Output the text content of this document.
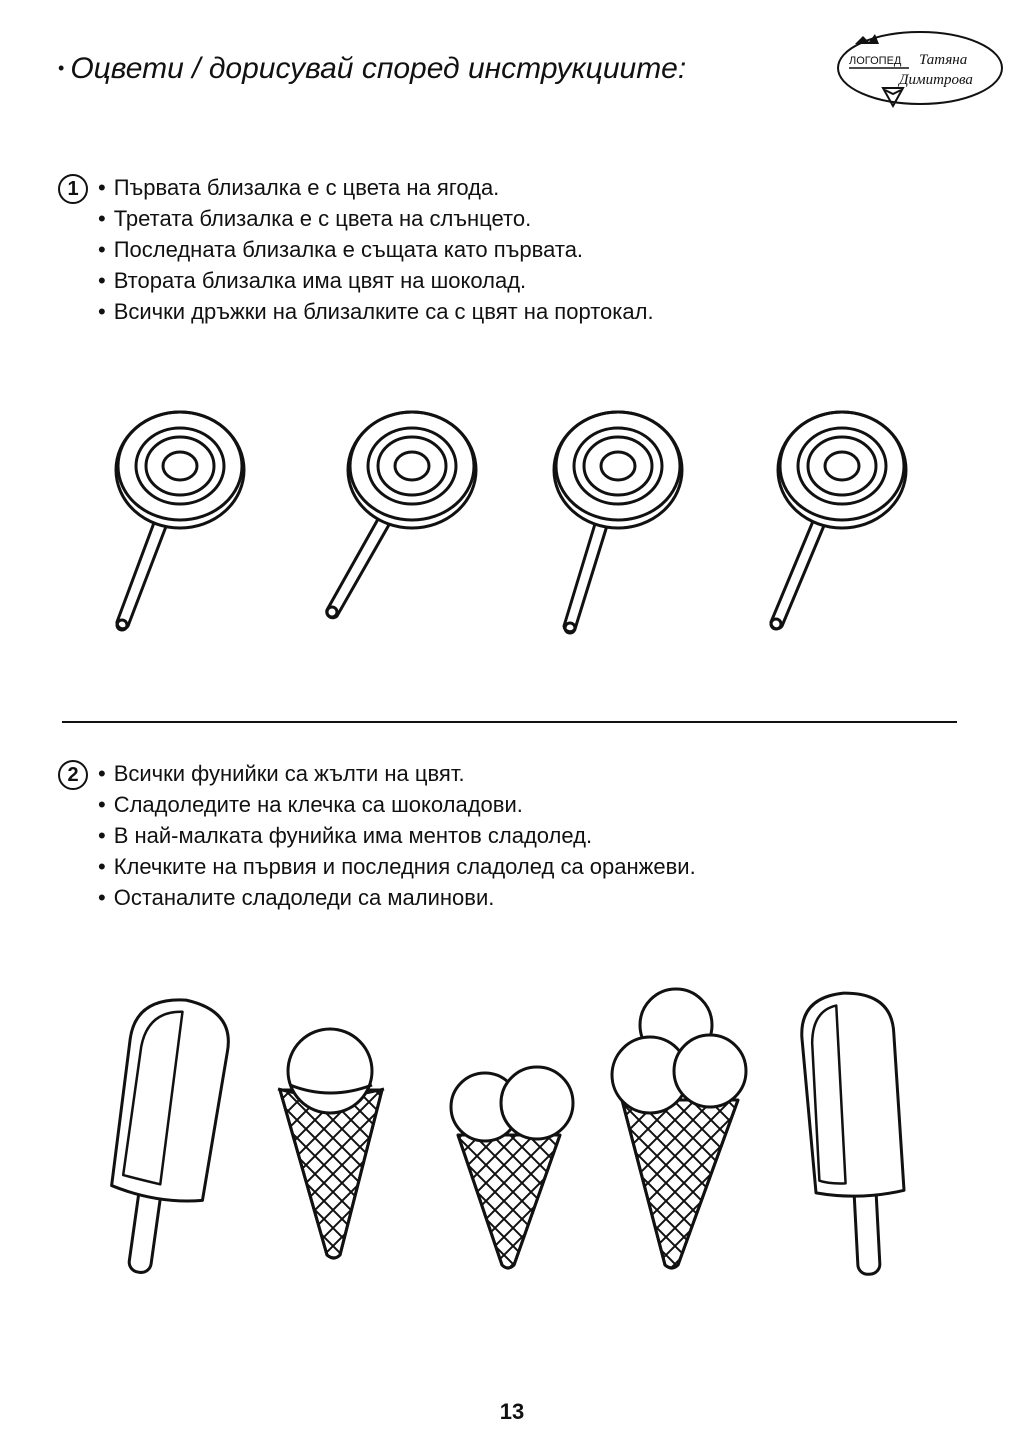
• Оцвети / дорисувай според инструкциите:	ЛОГОПЕД Татяна
Димитрова
1	• Първата близалка е с цвета на ягода.
• Третата близалка е с цвета на слънцето.
• Последната близалка е същата като първата.
• Втората близалка има цвят на шоколад.
• Всички дръжки на близалките са с цвят на портокал.
2	• Всички фунийки са жълти на цвят.
• Сладоледите на клечка са шоколадови.
• В най-малката фунийка има ментов сладолед.
• Клечките на първия и последния сладолед са оранжеви.
• Останалите сладоледи са малинови.
13
